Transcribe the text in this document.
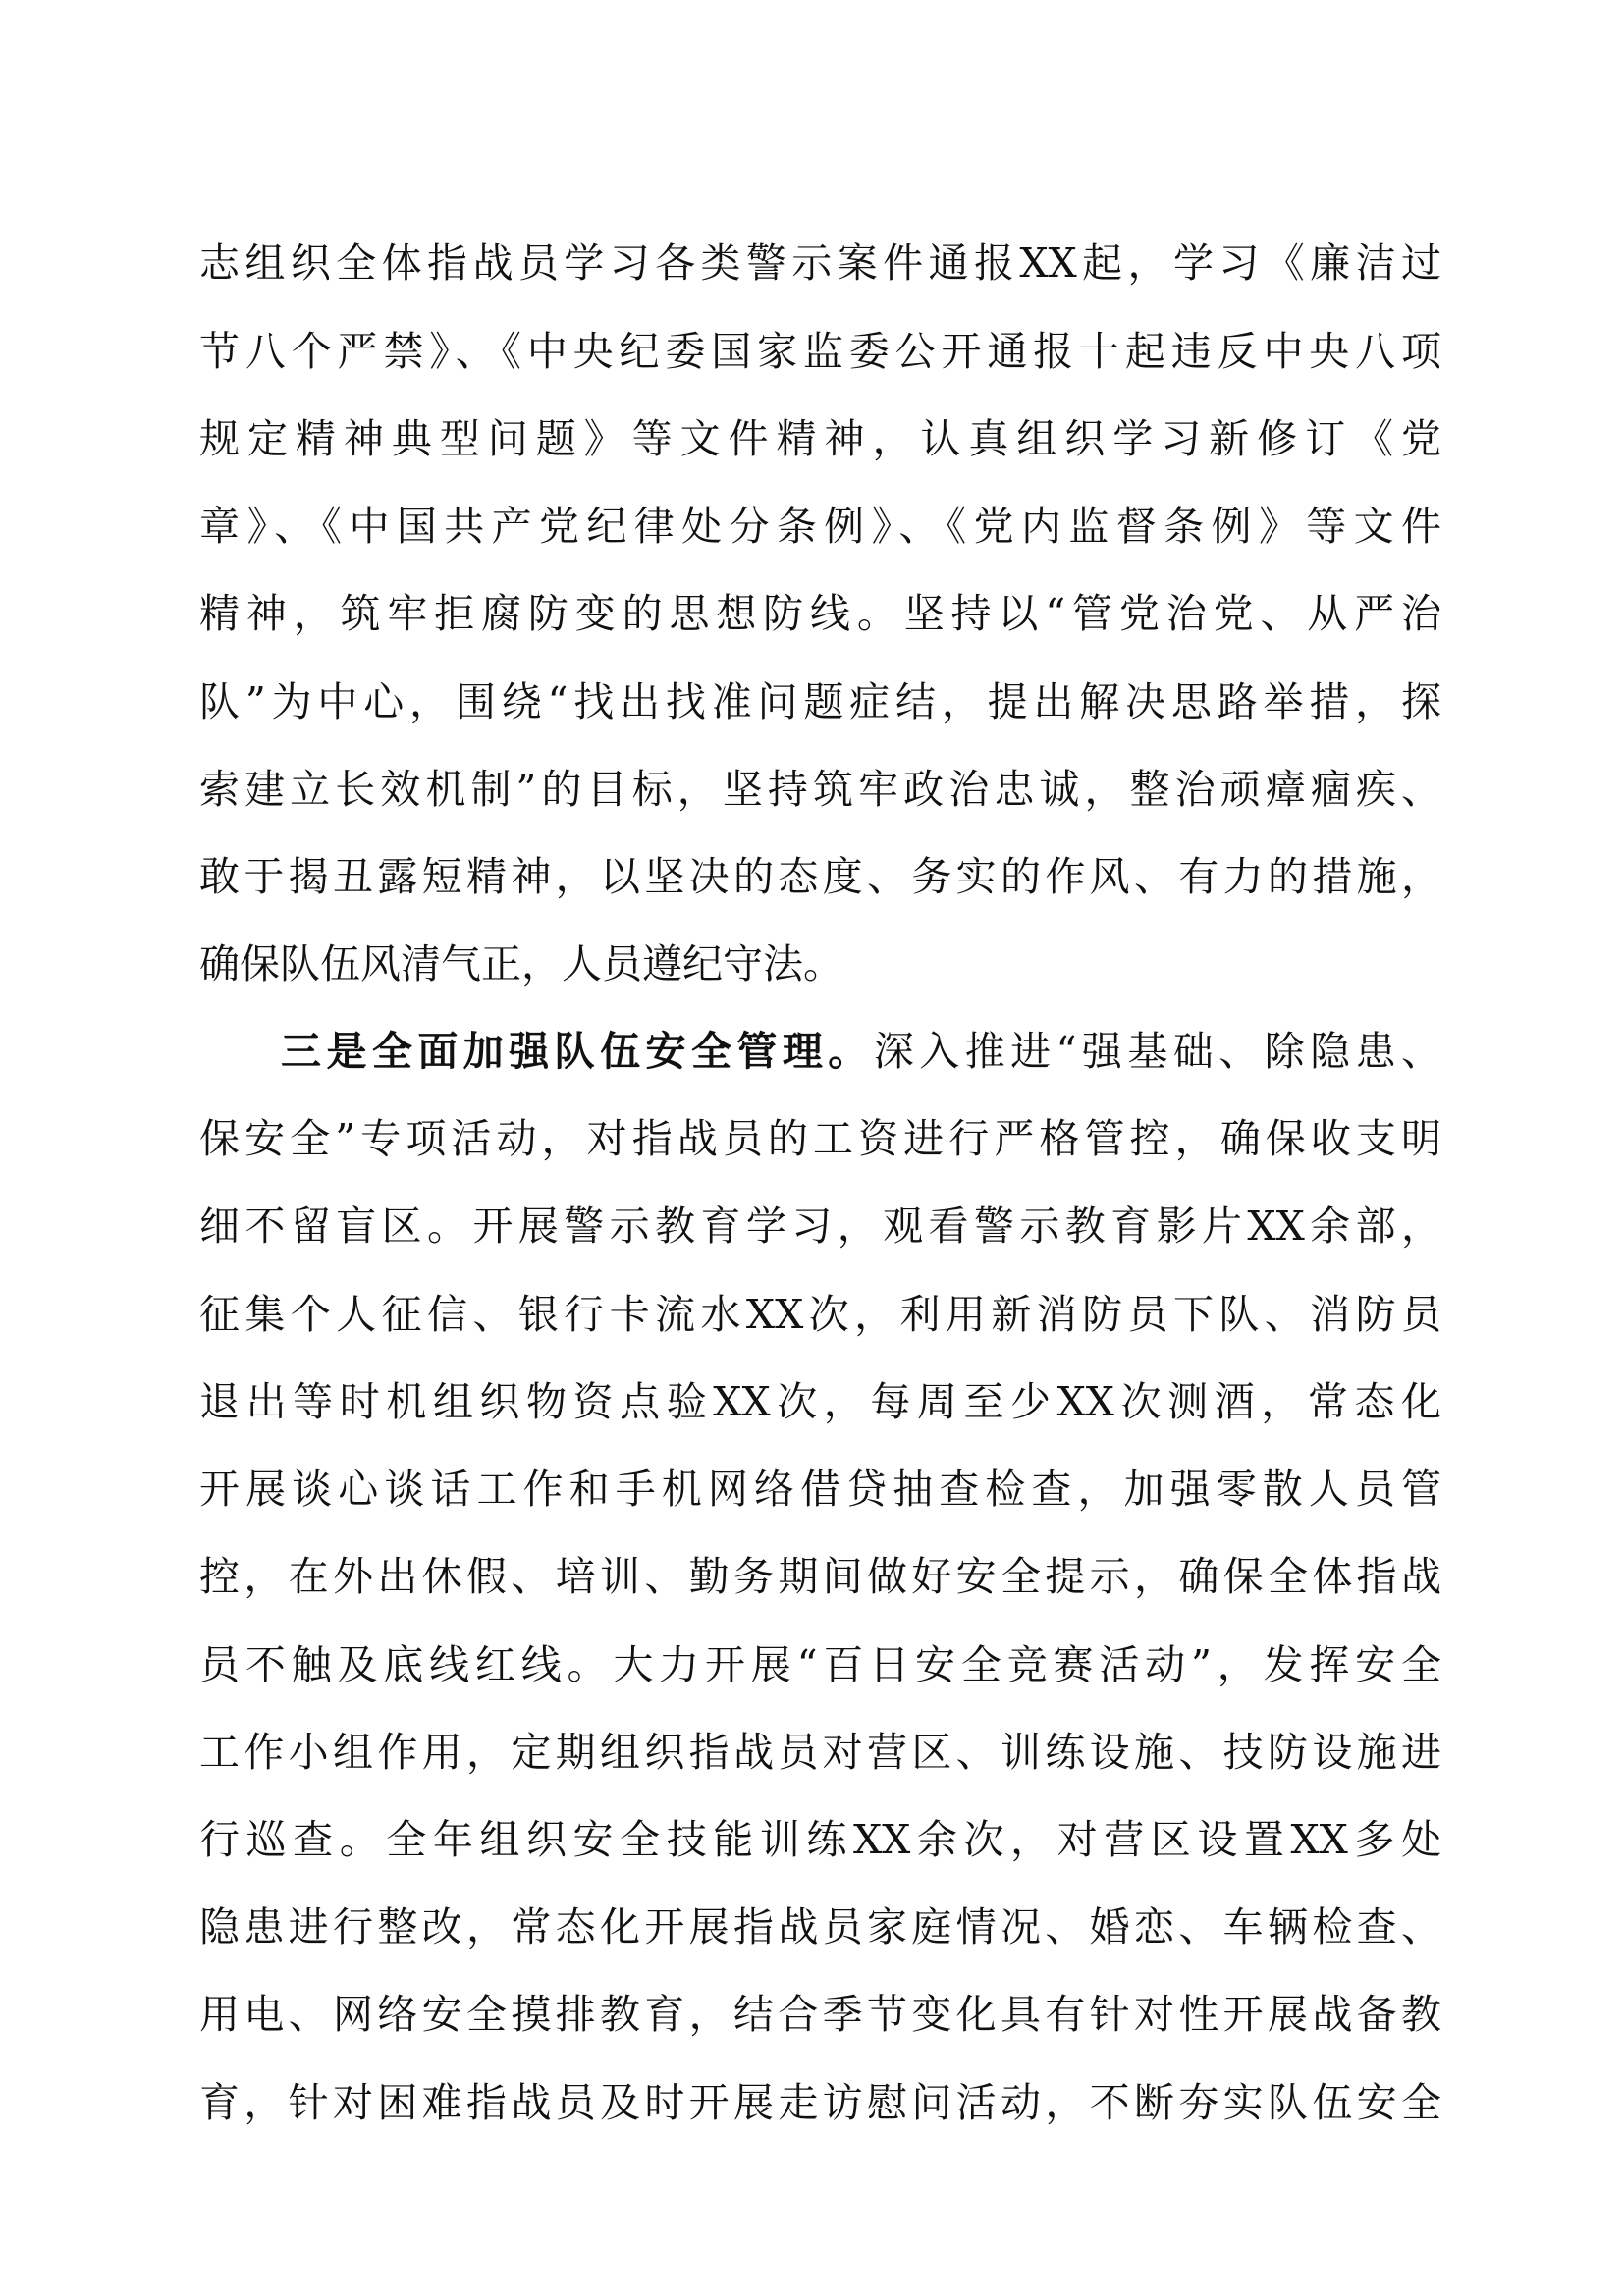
志组织全体指战员学习各类警示案件通报XX起，学习《廉洁过
节八个严禁》、《中央纪委国家监委公开通报十起违反中央八项
规定精神典型问题》等文件精神，认真组织学习新修订《党
章》、《中国共产党纪律处分条例》、《党内监督条例》等文件
精神，筑牢拒腐防变的思想防线。坚持以“管党治党、从严治
队”为中心，围绕“找出找准问题症结，提出解决思路举措，探
索建立长效机制”的目标，坚持筑牢政治忠诚，整治顽瘴痼疾、
敢于揭丑露短精神，以坚决的态度、务实的作风、有力的措施，
确保队伍风清气正，人员遵纪守法。
三是全面加强队伍安全管理。深入推进“强基础、除隐患、
保安全”专项活动，对指战员的工资进行严格管控，确保收支明
细不留盲区。开展警示教育学习，观看警示教育影片XX余部，
征集个人征信、银行卡流水XX次，利用新消防员下队、消防员
退出等时机组织物资点验XX次，每周至少XX次测酒，常态化
开展谈心谈话工作和手机网络借贷抽查检查，加强零散人员管
控，在外出休假、培训、勤务期间做好安全提示，确保全体指战
员不触及底线红线。大力开展“百日安全竞赛活动”，发挥安全
工作小组作用，定期组织指战员对营区、训练设施、技防设施进
行巡查。全年组织安全技能训练XX余次，对营区设置XX多处
隐患进行整改，常态化开展指战员家庭情况、婚恋、车辆检查、
用电、网络安全摸排教育，结合季节变化具有针对性开展战备教
育，针对困难指战员及时开展走访慰问活动，不断夯实队伍安全
